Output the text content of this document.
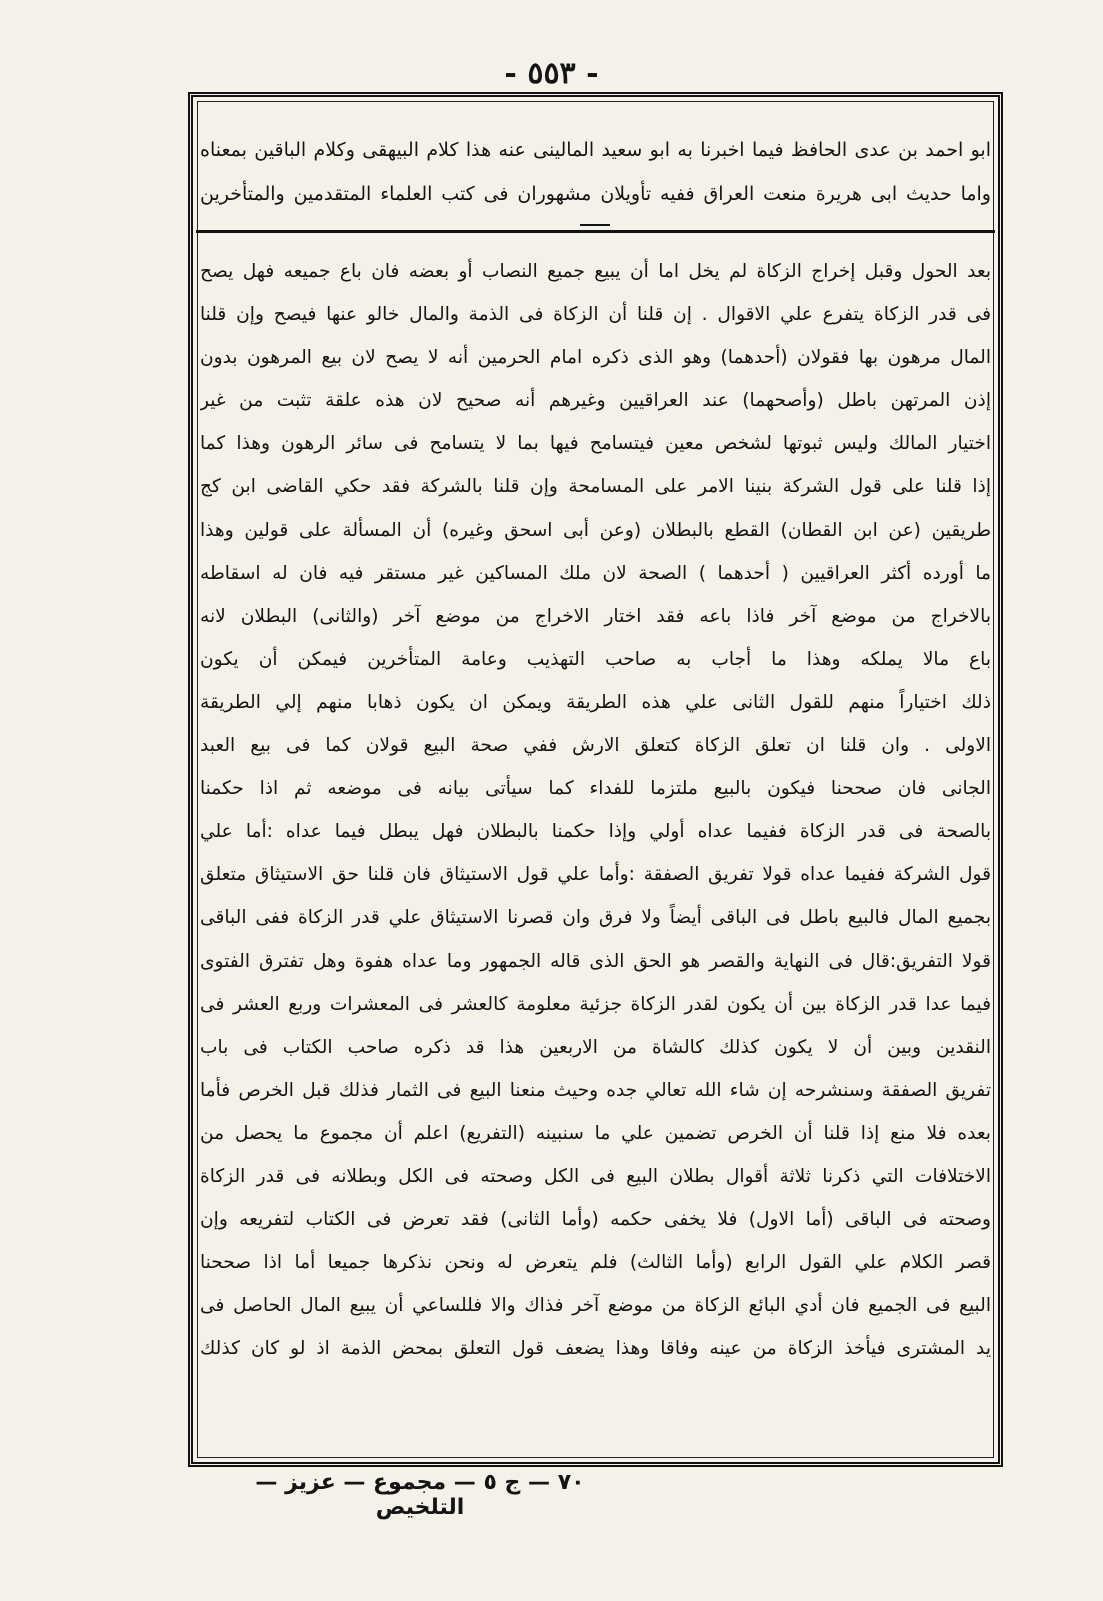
- ٥٥٣ -
ابو احمد بن عدى الحافظ فيما اخبرنا به ابو سعيد المالينى عنه هذا كلام البيهقى وكلام الباقين بمعناه
واما حديث ابى هريرة منعت العراق ففيه تأويلان مشهوران فى كتب العلماء المتقدمين والمتأخرين
بعد الحول وقبل إخراج الزكاة لم يخل اما أن يبيع جميع النصاب أو بعضه فان باع جميعه فهل يصح
فى قدر الزكاة يتفرع علي الاقوال . إن قلنا أن الزكاة فى الذمة والمال خالو عنها فيصح وإن قلنا
المال مرهون بها فقولان (أحدهما) وهو الذى ذكره امام الحرمين أنه لا يصح لان بيع المرهون بدون
إذن المرتهن باطل (وأصحهما) عند العراقيين وغيرهم أنه صحيح لان هذه علقة تثبت من غير
اختيار المالك وليس ثبوتها لشخص معين فيتسامح فيها بما لا يتسامح فى سائر الرهون وهذا كما
إذا قلنا على قول الشركة بنينا الامر على المسامحة وإن قلنا بالشركة فقد حكي القاضى ابن كج
طريقين (عن ابن القطان) القطع بالبطلان (وعن أبى اسحق وغيره) أن المسألة على قولين وهذا
ما أورده أكثر العراقيين ( أحدهما ) الصحة لان ملك المساكين غير مستقر فيه فان له اسقاطه
بالاخراج من موضع آخر فاذا باعه فقد اختار الاخراج من موضع آخر (والثانى) البطلان لانه
باع مالا يملكه وهذا ما أجاب به صاحب التهذيب وعامة المتأخرين فيمكن أن يكون
ذلك اختياراً منهم للقول الثانى علي هذه الطريقة ويمكن ان يكون ذهابا منهم إلي الطريقة
الاولى . وان قلنا ان تعلق الزكاة كتعلق الارش ففي صحة البيع قولان كما فى بيع العبد
الجانى فان صححنا فيكون بالبيع ملتزما للفداء كما سيأتى بيانه فى موضعه ثم اذا حكمنا
بالصحة فى قدر الزكاة ففيما عداه أولي وإذا حكمنا بالبطلان فهل يبطل فيما عداه :أما علي
قول الشركة ففيما عداه قولا تفريق الصفقة :وأما علي قول الاستيثاق فان قلنا حق الاستيثاق متعلق
بجميع المال فالبيع باطل فى الباقى أيضاً ولا فرق وان قصرنا الاستيثاق علي قدر الزكاة ففى الباقى
قولا التفريق:قال فى النهاية والقصر هو الحق الذى قاله الجمهور وما عداه هفوة وهل تفترق الفتوى
فيما عدا قدر الزكاة بين أن يكون لقدر الزكاة جزئية معلومة كالعشر فى المعشرات وربع العشر فى
النقدين وبين أن لا يكون كذلك كالشاة من الاربعين هذا قد ذكره صاحب الكتاب فى باب
تفريق الصفقة وسنشرحه إن شاء الله تعالي جده وحيث منعنا البيع فى الثمار فذلك قبل الخرص فأما
بعده فلا منع إذا قلنا أن الخرص تضمين علي ما سنبينه (التفريع) اعلم أن مجموع ما يحصل من
الاختلافات التي ذكرنا ثلاثة أقوال بطلان البيع فى الكل وصحته فى الكل وبطلانه فى قدر الزكاة
وصحته فى الباقى (أما الاول) فلا يخفى حكمه (وأما الثانى) فقد تعرض فى الكتاب لتفريعه وإن
قصر الكلام علي القول الرابع (وأما الثالث) فلم يتعرض له ونحن نذكرها جميعا أما اذا صححنا
البيع فى الجميع فان أدي البائع الزكاة من موضع آخر فذاك والا فللساعي أن يبيع المال الحاصل فى
يد المشترى فيأخذ الزكاة من عينه وفاقا وهذا يضعف قول التعلق بمحض الذمة اذ لو كان كذلك
٧٠ — ج ٥ — مجموع — عزيز — التلخيص
